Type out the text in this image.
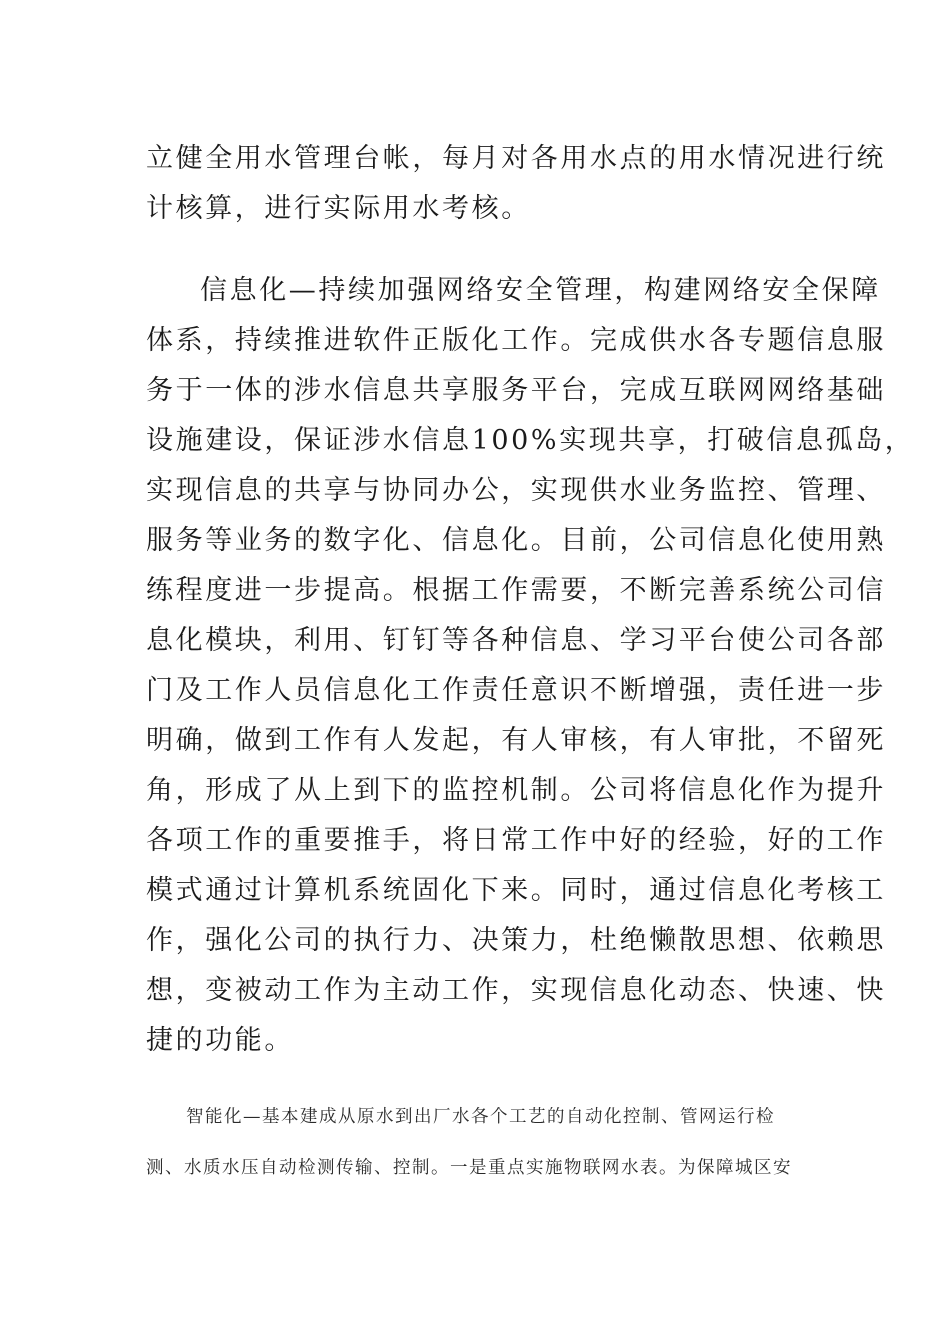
立健全用水管理台帐，每月对各用水点的用水情况进行统

计核算，进行实际用水考核。

信息化—持续加强网络安全管理，构建网络安全保障

体系，持续推进软件正版化工作。完成供水各专题信息服

务于一体的涉水信息共享服务平台，完成互联网网络基础

设施建设，保证涉水信息100%实现共享，打破信息孤岛，

实现信息的共享与协同办公，实现供水业务监控、管理、

服务等业务的数字化、信息化。目前，公司信息化使用熟

练程度进一步提高。根据工作需要，不断完善系统公司信

息化模块，利用、钉钉等各种信息、学习平台使公司各部

门及工作人员信息化工作责任意识不断增强，责任进一步

明确，做到工作有人发起，有人审核，有人审批，不留死

角，形成了从上到下的监控机制。公司将信息化作为提升

各项工作的重要推手，将日常工作中好的经验，好的工作

模式通过计算机系统固化下来。同时，通过信息化考核工

作，强化公司的执行力、决策力，杜绝懒散思想、依赖思

想，变被动工作为主动工作，实现信息化动态、快速、快

捷的功能。

智能化—基本建成从原水到出厂水各个工艺的自动化控制、管网运行检

测、水质水压自动检测传输、控制。一是重点实施物联网水表。为保障城区安
